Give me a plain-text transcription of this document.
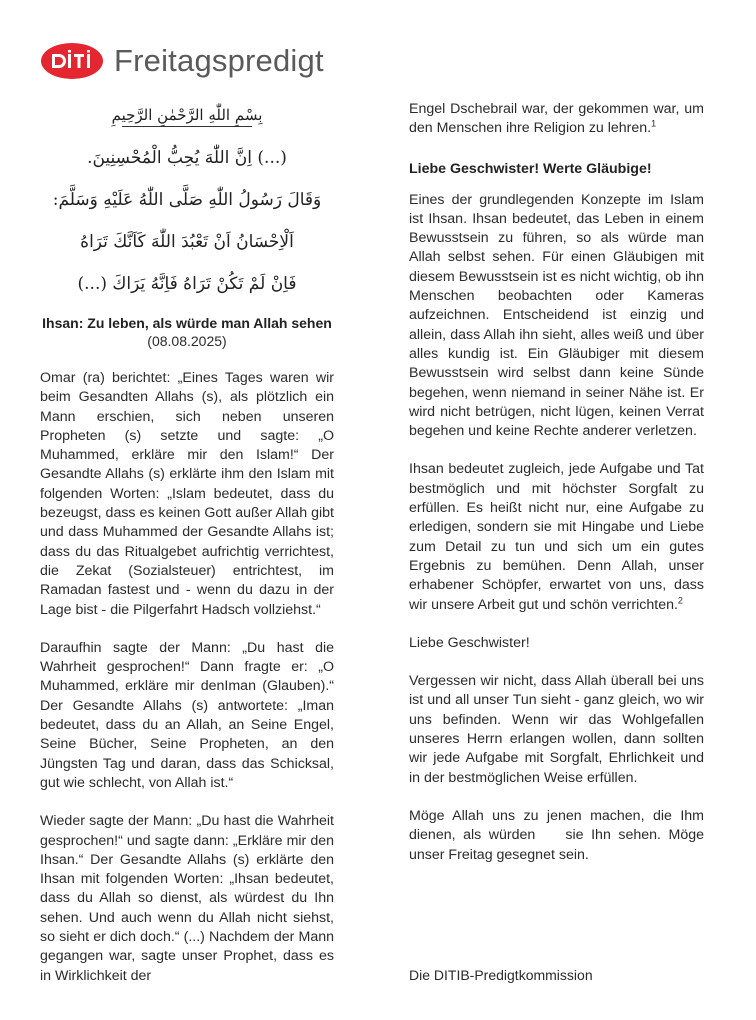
Freitagspredigt
بِسْمِ اللّٰهِ الرَّحْمٰنِ الرَّحِيمِ
(...) اِنَّ اللّٰهَ يُحِبُّ الْمُحْسِنِينَ.
وَقَالَ رَسُولُ اللّٰهِ صَلَّى اللّٰهُ عَلَيْهِ وَسَلَّمَ:
اَلْاِحْسَانُ اَنْ تَعْبُدَ اللّٰهَ كَاَنَّكَ تَرَاهُ
فَاِنْ لَمْ تَكُنْ تَرَاهُ فَاِنَّهُ يَرَاكَ (...)
Ihsan: Zu leben, als würde man Allah sehen
(08.08.2025)

Omar (ra) berichtet: „Eines Tages waren wir beim Gesandten Allahs (s), als plötzlich ein Mann erschien, sich neben unseren Propheten (s) setzte und sagte: „O Muhammed, erkläre mir den Islam!“ Der Gesandte Allahs (s) erklärte ihm den Islam mit folgenden Worten: „Islam bedeutet, dass du bezeugst, dass es keinen Gott außer Allah gibt und dass Muhammed der Gesandte Allahs ist; dass du das Ritualgebet aufrichtig verrichtest, die Zekat (Sozialsteuer) entrichtest, im Ramadan fastest und - wenn du dazu in der Lage bist - die Pilgerfahrt Hadsch vollziehst.“

Daraufhin sagte der Mann: „Du hast die Wahrheit gesprochen!“ Dann fragte er: „O Muhammed, erkläre mir denIman (Glauben).“ Der Gesandte Allahs (s) antwortete: „Iman bedeutet, dass du an Allah, an Seine Engel, Seine Bücher, Seine Propheten, an den Jüngsten Tag und daran, dass das Schicksal, gut wie schlecht, von Allah ist.“

Wieder sagte der Mann: „Du hast die Wahrheit gesprochen!“ und sagte dann: „Erkläre mir den Ihsan.“ Der Gesandte Allahs (s) erklärte den Ihsan mit folgenden Worten: „Ihsan bedeutet, dass du Allah so dienst, als würdest du Ihn sehen. Und auch wenn du Allah nicht siehst, so sieht er dich doch.“ (...) Nachdem der Mann gegangen war, sagte unser Prophet, dass es in Wirklichkeit der

Engel Dschebrail war, der gekommen war, um den Menschen ihre Religion zu lehren.$^1$

Liebe Geschwister! Werte Gläubige!

Eines der grundlegenden Konzepte im Islam ist Ihsan. Ihsan bedeutet, das Leben in einem Bewusstsein zu führen, so als würde man Allah selbst sehen. Für einen Gläubigen mit diesem Bewusstsein ist es nicht wichtig, ob ihn Menschen beobachten oder Kameras aufzeichnen. Entscheidend ist einzig und allein, dass Allah ihn sieht, alles weiß und über alles kundig ist. Ein Gläubiger mit diesem Bewusstsein wird selbst dann keine Sünde begehen, wenn niemand in seiner Nähe ist. Er wird nicht betrügen, nicht lügen, keinen Verrat begehen und keine Rechte anderer verletzen.

Ihsan bedeutet zugleich, jede Aufgabe und Tat bestmöglich und mit höchster Sorgfalt zu erfüllen. Es heißt nicht nur, eine Aufgabe zu erledigen, sondern sie mit Hingabe und Liebe zum Detail zu tun und sich um ein gutes Ergebnis zu bemühen. Denn Allah, unser erhabener Schöpfer, erwartet von uns, dass wir unsere Arbeit gut und schön verrichten.$^2$

Liebe Geschwister!

Vergessen wir nicht, dass Allah überall bei uns ist und all unser Tun sieht - ganz gleich, wo wir uns befinden. Wenn wir das Wohlgefallen unseres Herrn erlangen wollen, dann sollten wir jede Aufgabe mit Sorgfalt, Ehrlichkeit und in der bestmöglichen Weise erfüllen.

Möge Allah uns zu jenen machen, die Ihm dienen, als würden    sie Ihn sehen. Möge unser Freitag gesegnet sein.

Die DITIB-Predigtkommission
